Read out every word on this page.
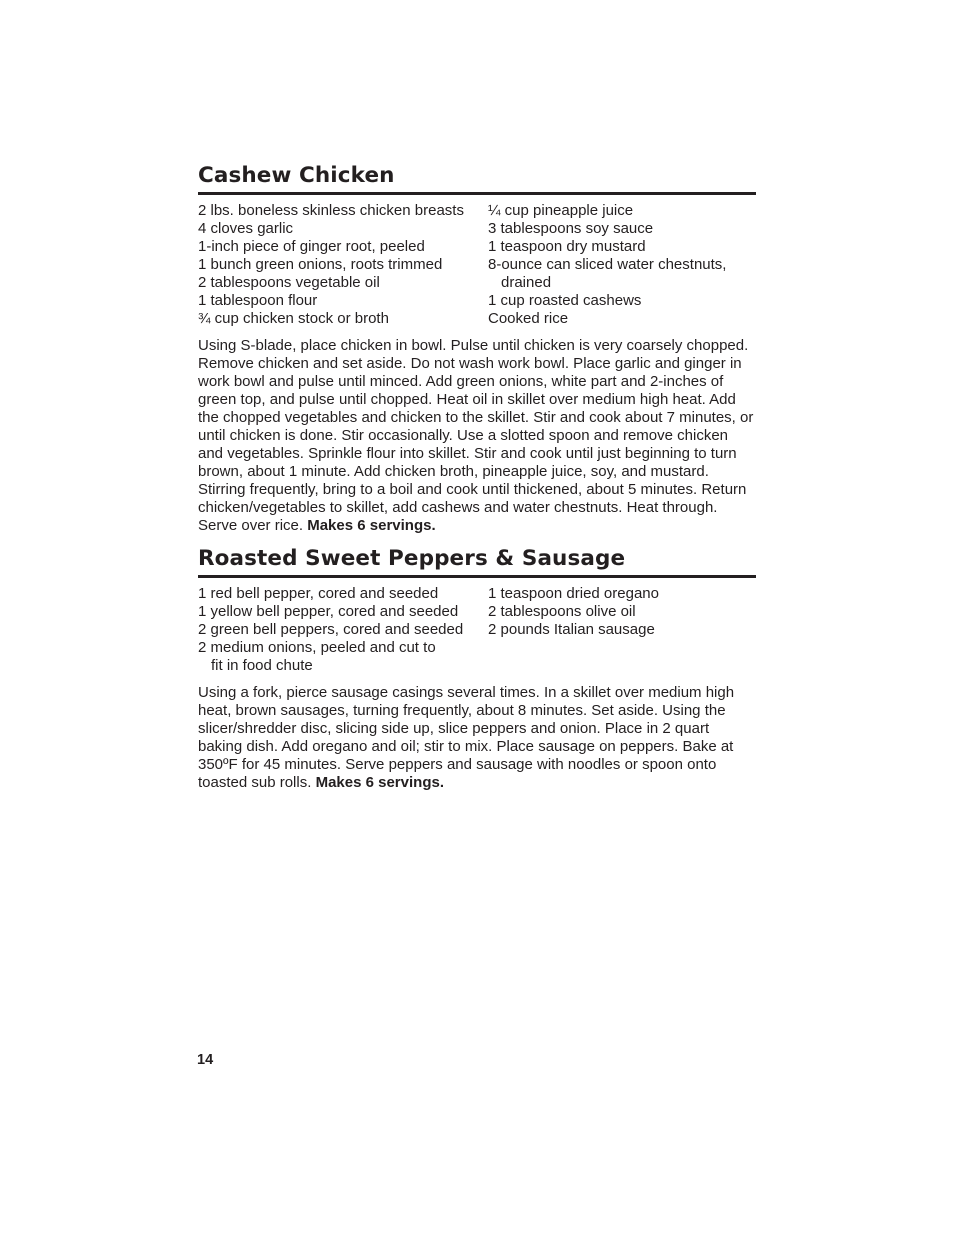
Cashew Chicken
2 lbs. boneless skinless chicken breasts
4 cloves garlic
1-inch piece of ginger root, peeled
1 bunch green onions, roots trimmed
2 tablespoons vegetable oil
1 tablespoon flour
¾ cup chicken stock or broth
¼ cup pineapple juice
3 tablespoons soy sauce
1 teaspoon dry mustard
8-ounce can sliced water chestnuts, drained
1 cup roasted cashews
Cooked rice

Using S-blade, place chicken in bowl. Pulse until chicken is very coarsely chopped. Remove chicken and set aside. Do not wash work bowl. Place garlic and ginger in work bowl and pulse until minced. Add green onions, white part and 2-inches of green top, and pulse until chopped. Heat oil in skillet over medium high heat. Add the chopped vegetables and chicken to the skillet. Stir and cook about 7 minutes, or until chicken is done. Stir occasionally. Use a slotted spoon and remove chicken and vegetables. Sprinkle flour into skillet. Stir and cook until just beginning to turn brown, about 1 minute. Add chicken broth, pineapple juice, soy, and mustard. Stirring frequently, bring to a boil and cook until thickened, about 5 minutes. Return chicken/vegetables to skillet, add cashews and water chestnuts. Heat through. Serve over rice. Makes 6 servings.

Roasted Sweet Peppers & Sausage
1 red bell pepper, cored and seeded
1 yellow bell pepper, cored and seeded
2 green bell peppers, cored and seeded
2 medium onions, peeled and cut to fit in food chute
1 teaspoon dried oregano
2 tablespoons olive oil
2 pounds Italian sausage

Using a fork, pierce sausage casings several times. In a skillet over medium high heat, brown sausages, turning frequently, about 8 minutes. Set aside. Using the slicer/shredder disc, slicing side up, slice peppers and onion. Place in 2 quart baking dish. Add oregano and oil; stir to mix. Place sausage on peppers. Bake at 350ºF for 45 minutes. Serve peppers and sausage with noodles or spoon onto toasted sub rolls. Makes 6 servings.

14
